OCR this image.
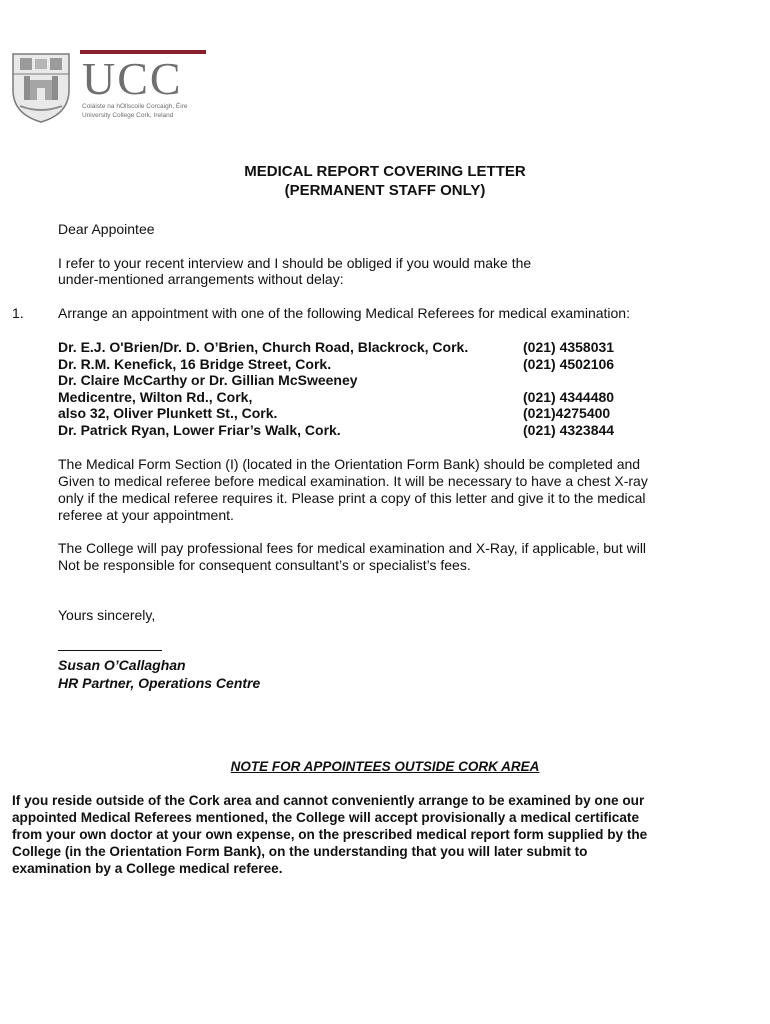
UCC
Coláiste na hOllscoile Corcaigh, Éire
University College Cork, Ireland
MEDICAL REPORT COVERING LETTER
(PERMANENT STAFF ONLY)
Dear Appointee
I refer to your recent interview and I should be obliged if you would make the
under-mentioned arrangements without delay:
1. Arrange an appointment with one of the following Medical Referees for medical examination:
Dr. E.J. O'Brien/Dr. D. O’Brien, Church Road, Blackrock, Cork.	(021) 4358031
Dr. R.M. Kenefick, 16 Bridge Street, Cork.	(021) 4502106
Dr. Claire McCarthy or Dr. Gillian McSweeney
Medicentre, Wilton Rd., Cork,	(021) 4344480
also 32, Oliver Plunkett St., Cork.	(021)4275400
Dr. Patrick Ryan, Lower Friar’s Walk, Cork.	(021) 4323844
The Medical Form Section (I) (located in the Orientation Form Bank) should be completed and
Given to medical referee before medical examination. It will be necessary to have a chest X-ray
only if the medical referee requires it. Please print a copy of this letter and give it to the medical
referee at your appointment.
The College will pay professional fees for medical examination and X-Ray, if applicable, but will
Not be responsible for consequent consultant’s or specialist’s fees.
Yours sincerely,
Susan O’Callaghan
HR Partner, Operations Centre
NOTE FOR APPOINTEES OUTSIDE CORK AREA
If you reside outside of the Cork area and cannot conveniently arrange to be examined by one our
appointed Medical Referees mentioned, the College will accept provisionally a medical certificate
from your own doctor at your own expense, on the prescribed medical report form supplied by the
College (in the Orientation Form Bank), on the understanding that you will later submit to
examination by a College medical referee.
